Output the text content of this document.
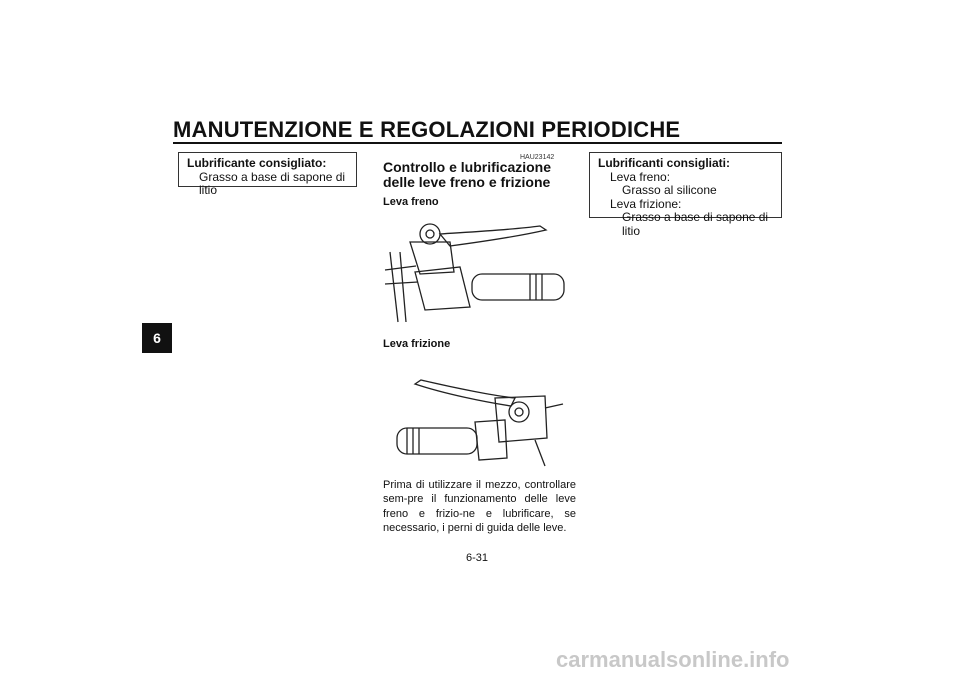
MANUTENZIONE E REGOLAZIONI PERIODICHE
6
Lubrificante consigliato:
Grasso a base di sapone di litio
HAU23142
Controllo e lubrificazione delle leve freno e frizione
Leva freno
Leva frizione
Prima di utilizzare il mezzo, controllare sem-pre il funzionamento delle leve freno e frizio-ne e lubrificare, se necessario, i perni di guida delle leve.
Lubrificanti consigliati:
Leva freno:
Grasso al silicone
Leva frizione:
Grasso a base di sapone di litio
6-31
carmanualsonline.info
